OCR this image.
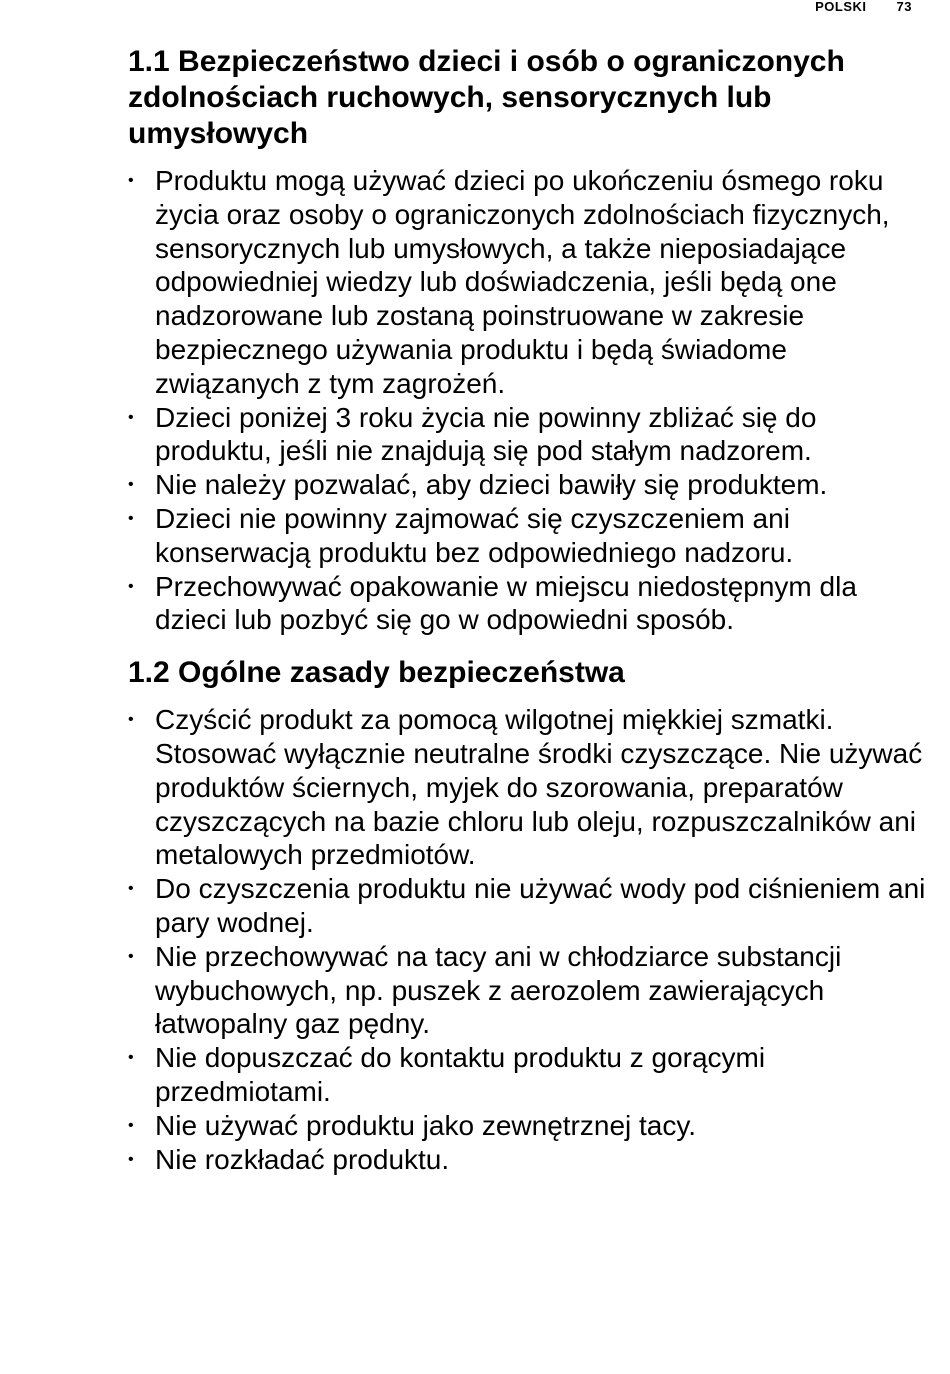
POLSKI 73
1.1 Bezpieczeństwo dzieci i osób o ograniczonych zdolnościach ruchowych, sensorycznych lub umysłowych
• Produktu mogą używać dzieci po ukończeniu ósmego roku życia oraz osoby o ograniczonych zdolnościach fizycznych, sensorycznych lub umysłowych, a także nieposiadające odpowiedniej wiedzy lub doświadczenia, jeśli będą one nadzorowane lub zostaną poinstruowane w zakresie bezpiecznego używania produktu i będą świadome związanych z tym zagrożeń.
• Dzieci poniżej 3 roku życia nie powinny zbliżać się do produktu, jeśli nie znajdują się pod stałym nadzorem.
• Nie należy pozwalać, aby dzieci bawiły się produktem.
• Dzieci nie powinny zajmować się czyszczeniem ani konserwacją produktu bez odpowiedniego nadzoru.
• Przechowywać opakowanie w miejscu niedostępnym dla dzieci lub pozbyć się go w odpowiedni sposób.
1.2 Ogólne zasady bezpieczeństwa
• Czyścić produkt za pomocą wilgotnej miękkiej szmatki. Stosować wyłącznie neutralne środki czyszczące. Nie używać produktów ściernych, myjek do szorowania, preparatów czyszczących na bazie chloru lub oleju, rozpuszczalników ani metalowych przedmiotów.
• Do czyszczenia produktu nie używać wody pod ciśnieniem ani pary wodnej.
• Nie przechowywać na tacy ani w chłodziarce substancji wybuchowych, np. puszek z aerozolem zawierających łatwopalny gaz pędny.
• Nie dopuszczać do kontaktu produktu z gorącymi przedmiotami.
• Nie używać produktu jako zewnętrznej tacy.
• Nie rozkładać produktu.
